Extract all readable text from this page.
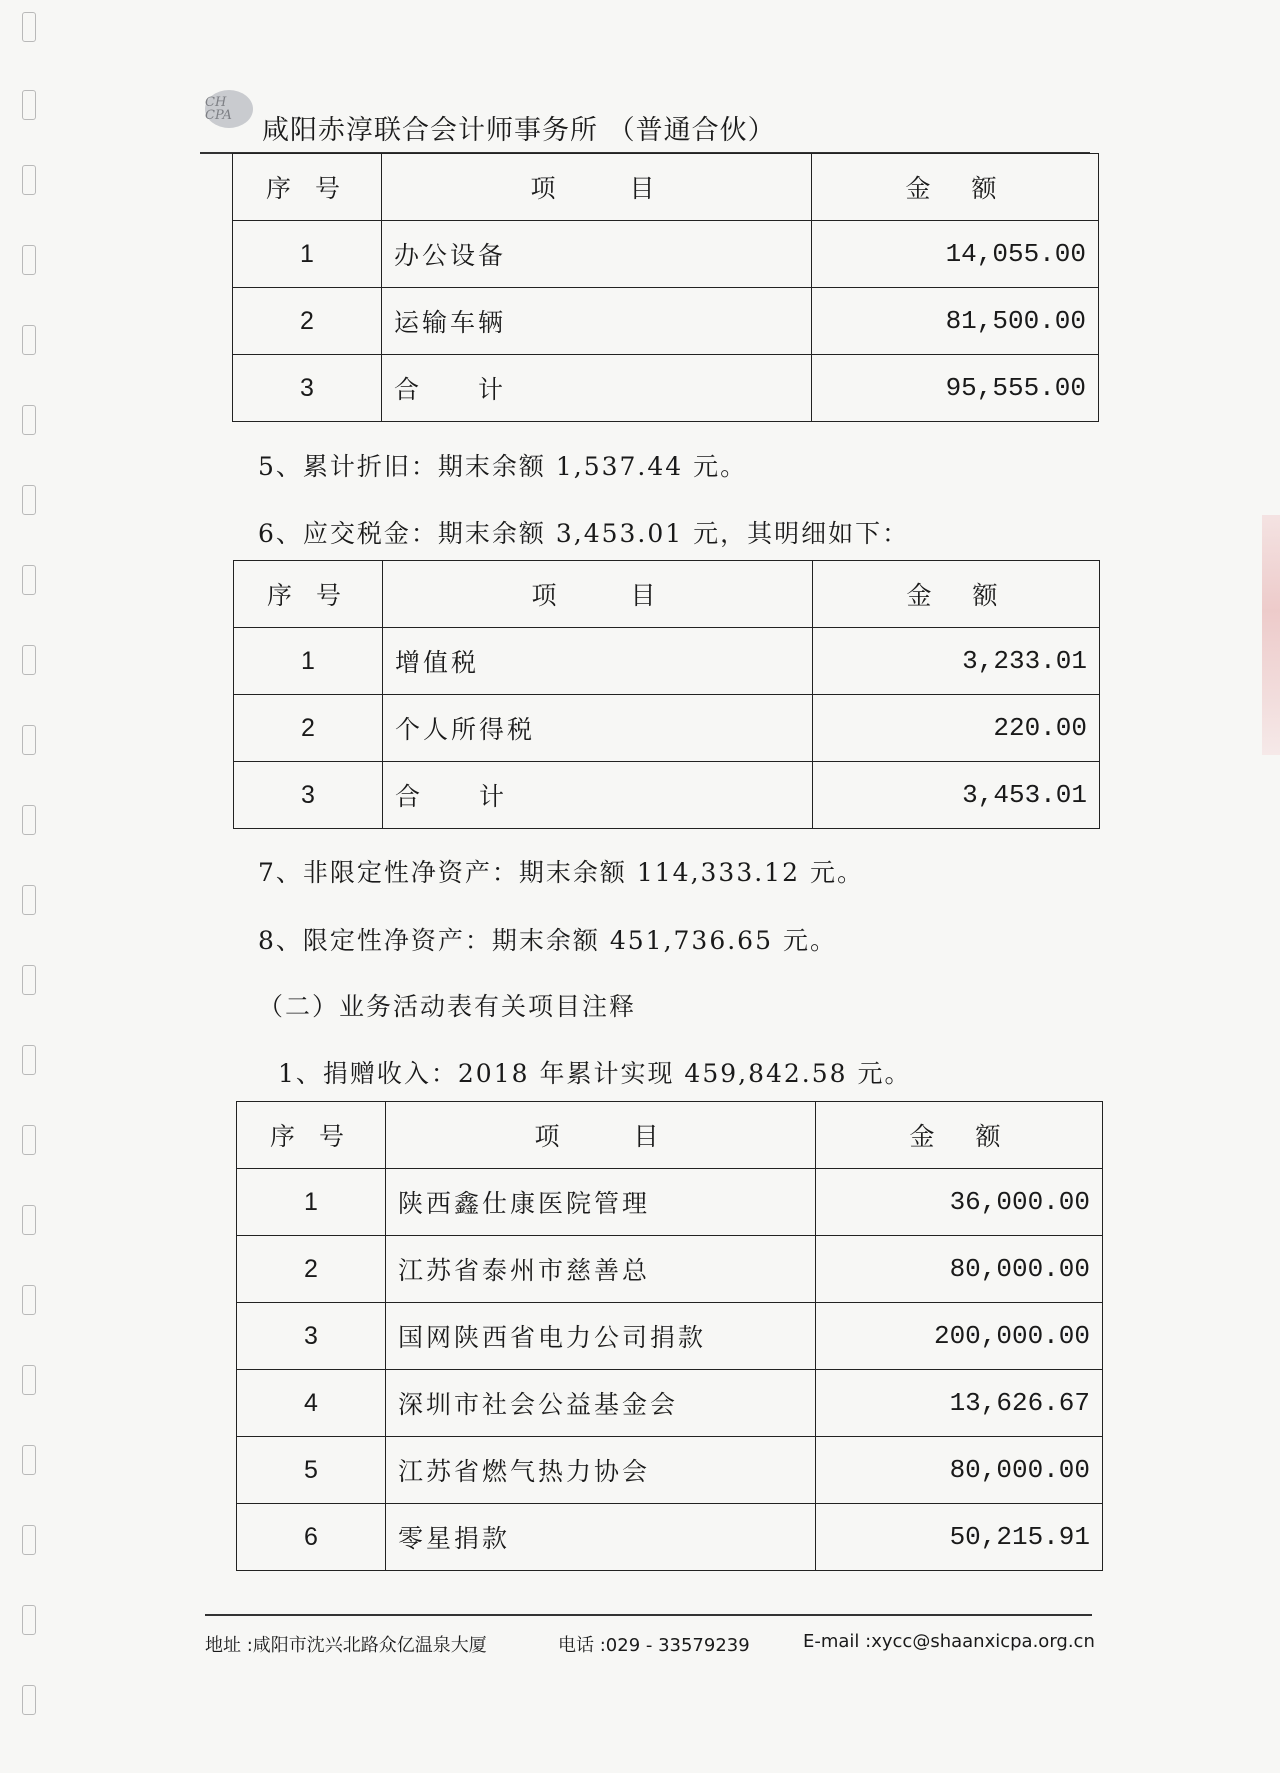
CH CPA	咸阳赤淳联合会计师事务所 （普通合伙）
序 号	项　　目	金　额
1	办公设备	14,055.00
2	运输车辆	81,500.00
3	合　　计	95,555.00
5、累计折旧：期末余额 1,537.44 元。
6、应交税金：期末余额 3,453.01 元，其明细如下：
序 号	项　　目	金　额
1	增值税	3,233.01
2	个人所得税	220.00
3	合　　计	3,453.01
7、非限定性净资产：期末余额 114,333.12 元。
8、限定性净资产：期末余额 451,736.65 元。
（二）业务活动表有关项目注释
1、捐赠收入：2018 年累计实现 459,842.58 元。
序 号	项　　目	金　额
1	陕西鑫仕康医院管理	36,000.00
2	江苏省泰州市慈善总	80,000.00
3	国网陕西省电力公司捐款	200,000.00
4	深圳市社会公益基金会	13,626.67
5	江苏省燃气热力协会	80,000.00
6	零星捐款	50,215.91
地址 :咸阳市沈兴北路众亿温泉大厦	电话 :029 - 33579239	E-mail :xycc@shaanxicpa.org.cn
